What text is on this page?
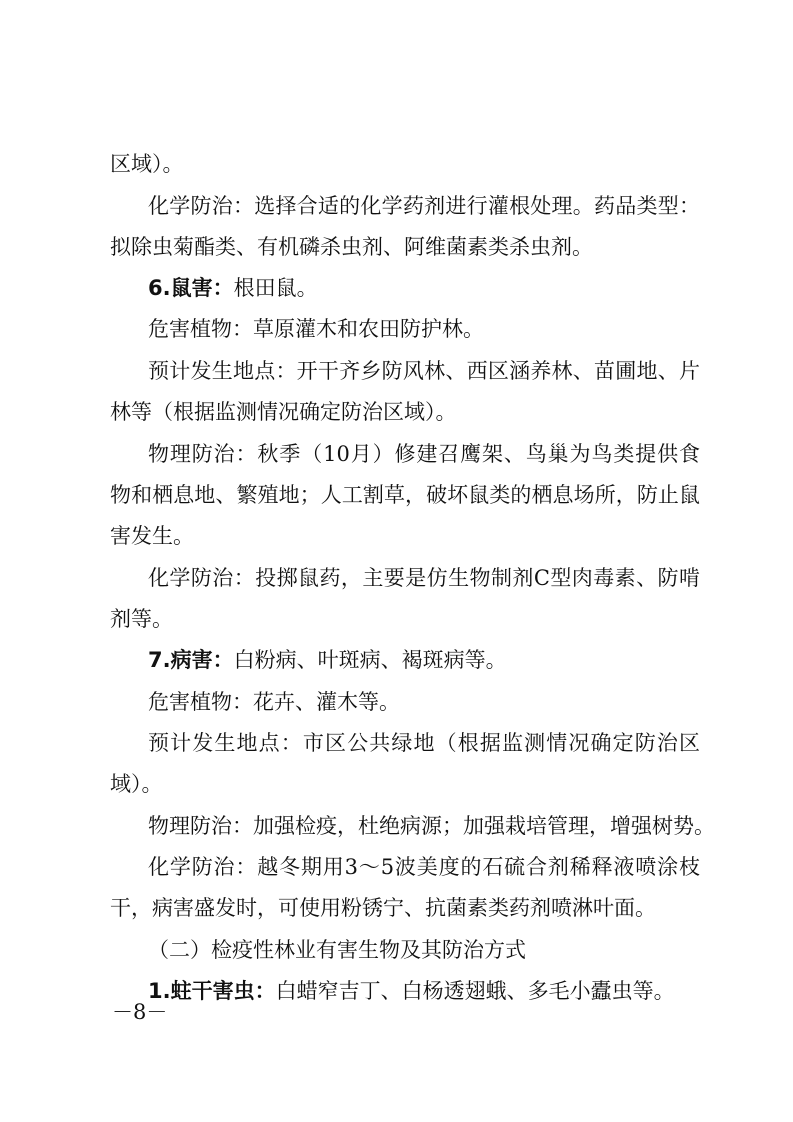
区域）。
化学防治：选择合适的化学药剂进行灌根处理。药品类型：
拟除虫菊酯类、有机磷杀虫剂、阿维菌素类杀虫剂。
6.鼠害：根田鼠。
危害植物：草原灌木和农田防护林。
预计发生地点：开干齐乡防风林、西区涵养林、苗圃地、片
林等（根据监测情况确定防治区域）。
物理防治：秋季（10月）修建召鹰架、鸟巢为鸟类提供食
物和栖息地、繁殖地；人工割草，破坏鼠类的栖息场所，防止鼠
害发生。
化学防治：投掷鼠药，主要是仿生物制剂C型肉毒素、防啃
剂等。
7.病害：白粉病、叶斑病、褐斑病等。
危害植物：花卉、灌木等。
预计发生地点：市区公共绿地（根据监测情况确定防治区
域）。
物理防治：加强检疫，杜绝病源；加强栽培管理，增强树势。
化学防治：越冬期用3～5波美度的石硫合剂稀释液喷涂枝
干，病害盛发时，可使用粉锈宁、抗菌素类药剂喷淋叶面。
（二）检疫性林业有害生物及其防治方式
1.蛀干害虫：白蜡窄吉丁、白杨透翅蛾、多毛小蠹虫等。
－8－
